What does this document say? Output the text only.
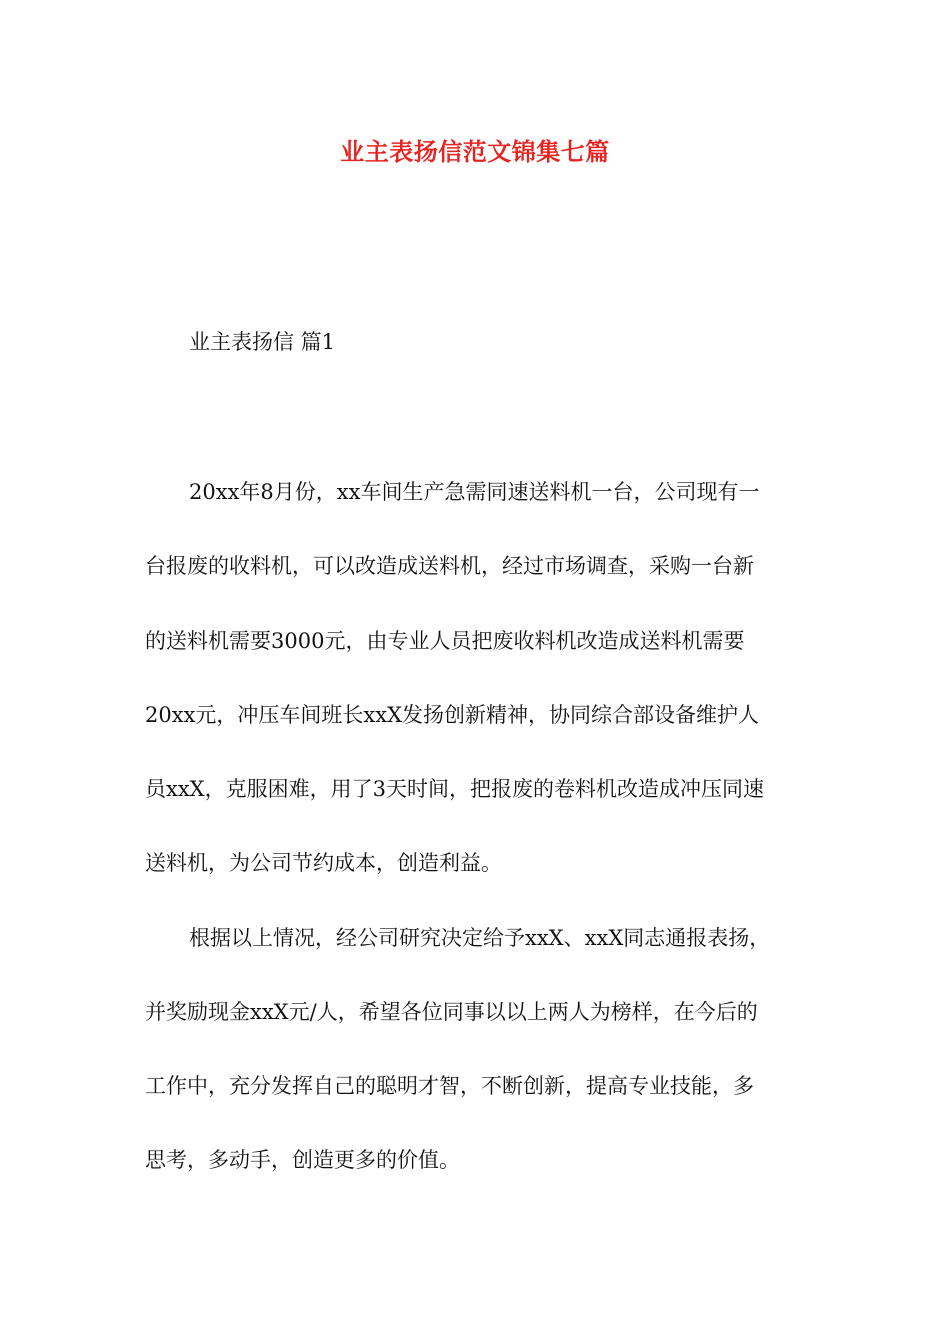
业主表扬信范文锦集七篇
业主表扬信 篇1
20xx年8月份，xx车间生产急需同速送料机一台，公司现有一
台报废的收料机，可以改造成送料机，经过市场调查，采购一台新
的送料机需要3000元，由专业人员把废收料机改造成送料机需要
20xx元，冲压车间班长xxX发扬创新精神，协同综合部设备维护人
员xxX，克服困难，用了3天时间，把报废的卷料机改造成冲压同速
送料机，为公司节约成本，创造利益。
根据以上情况，经公司研究决定给予xxX、xxX同志通报表扬，
并奖励现金xxX元/人，希望各位同事以以上两人为榜样，在今后的
工作中，充分发挥自己的聪明才智，不断创新，提高专业技能，多
思考，多动手，创造更多的价值。
